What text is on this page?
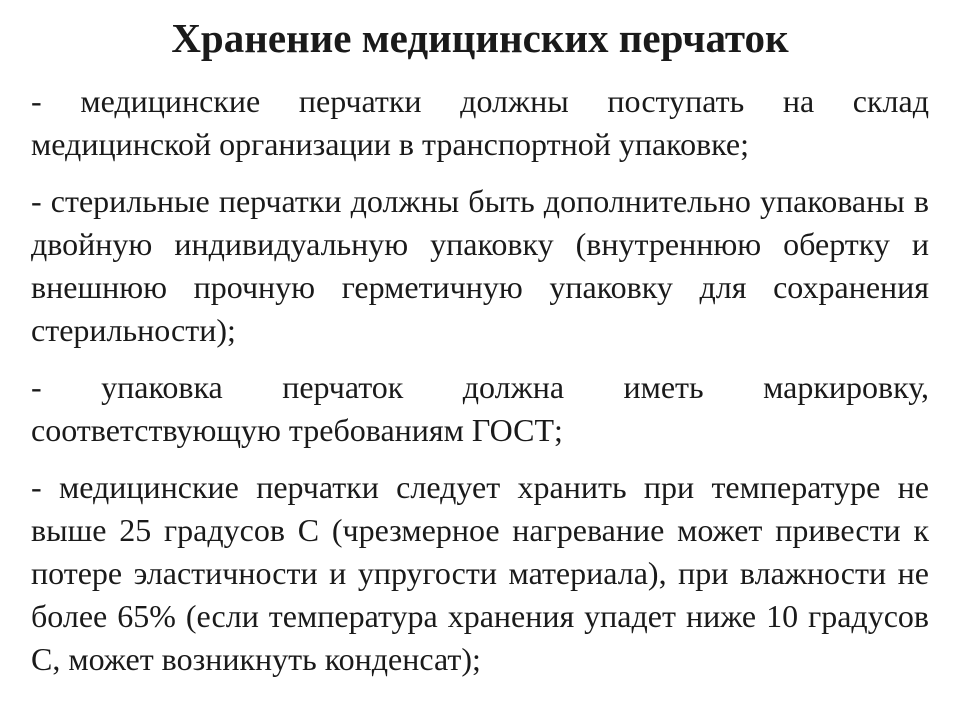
Хранение медицинских перчаток

- медицинские перчатки должны поступать на склад медицинской организации в транспортной упаковке;

- стерильные перчатки должны быть дополнительно упакованы в двойную индивидуальную упаковку (внутреннюю обертку и внешнюю прочную герметичную упаковку для сохранения стерильности);

- упаковка перчаток должна иметь маркировку, соответствующую требованиям ГОСТ;

- медицинские перчатки следует хранить при температуре не выше 25 градусов С (чрезмерное нагревание может привести к потере эластичности и упругости материала), при влажности не более 65% (если температура хранения упадет ниже 10 градусов С, может возникнуть конденсат);
